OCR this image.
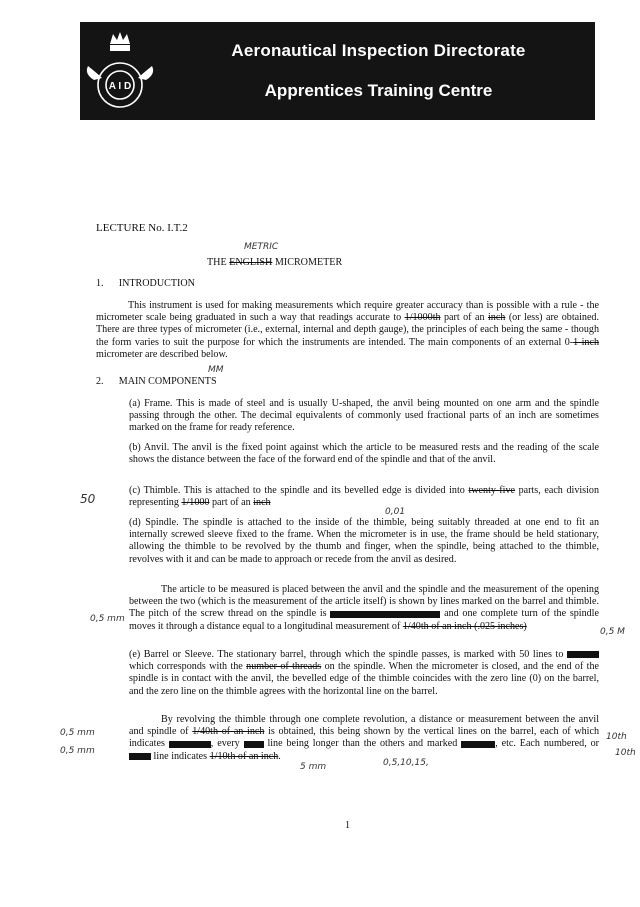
A I D
Aeronautical Inspection Directorate
Apprentices Training Centre
LECTURE No. I.T.2
METRIC
THE ENGLISH MICROMETER
1. INTRODUCTION
This instrument is used for making measurements which require greater accuracy than is possible with a rule - the micrometer scale being graduated in such a way that readings accurate to 1/1000th part of an inch (or less) are obtained. There are three types of micrometer (i.e., external, internal and depth gauge), the principles of each being the same - though the form varies to suit the purpose for which the instruments are intended. The main components of an external 0-1 inch micrometer are described below.
MM
2. MAIN COMPONENTS
(a) Frame. This is made of steel and is usually U-shaped, the anvil being mounted on one arm and the spindle passing through the other. The decimal equivalents of commonly used fractional parts of an inch are sometimes marked on the frame for ready reference.
(b) Anvil. The anvil is the fixed point against which the article to be measured rests and the reading of the scale shows the distance between the face of the forward end of the spindle and that of the anvil.
50
(c) Thimble. This is attached to the spindle and its bevelled edge is divided into twenty-five parts, each division representing 1/1000 part of an inch
0,01
(d) Spindle. The spindle is attached to the inside of the thimble, being suitably threaded at one end to fit an internally screwed sleeve fixed to the frame. When the micrometer is in use, the frame should be held stationary, allowing the thimble to be revolved by the thumb and finger, when the spindle, being attached to the thimble, revolves with it and can be made to approach or recede from the anvil as desired.
The article to be measured is placed between the anvil and the spindle and the measurement of the opening between the two (which is the measurement of the article itself) is shown by lines marked on the barrel and thimble. The pitch of the screw thread on the spindle is	and one complete turn of the spindle moves it through a distance equal to a longitudinal measurement of 1/40th of an inch (.025 inches)
0,5 mm
0,5 M
(e) Barrel or Sleeve. The stationary barrel, through which the spindle passes, is marked with 50 lines to  which corresponds with the number of threads on the spindle. When the micrometer is closed, and the end of the spindle is in contact with the anvil, the bevelled edge of the thimble coincides with the zero line (0) on the barrel, and the zero line on the thimble agrees with the horizontal line on the barrel.
By revolving the thimble through one complete revolution, a distance or measurement between the anvil and spindle of 1/40th of an inch is obtained, this being shown by the vertical lines on the barrel, each of which indicates	, every	line being longer than the others and marked	, etc. Each numbered, or  line indicates 1/10th of an inch.
0,5 mm
0,5 mm
10th
10th
5 mm	0,5,10,15,
1
